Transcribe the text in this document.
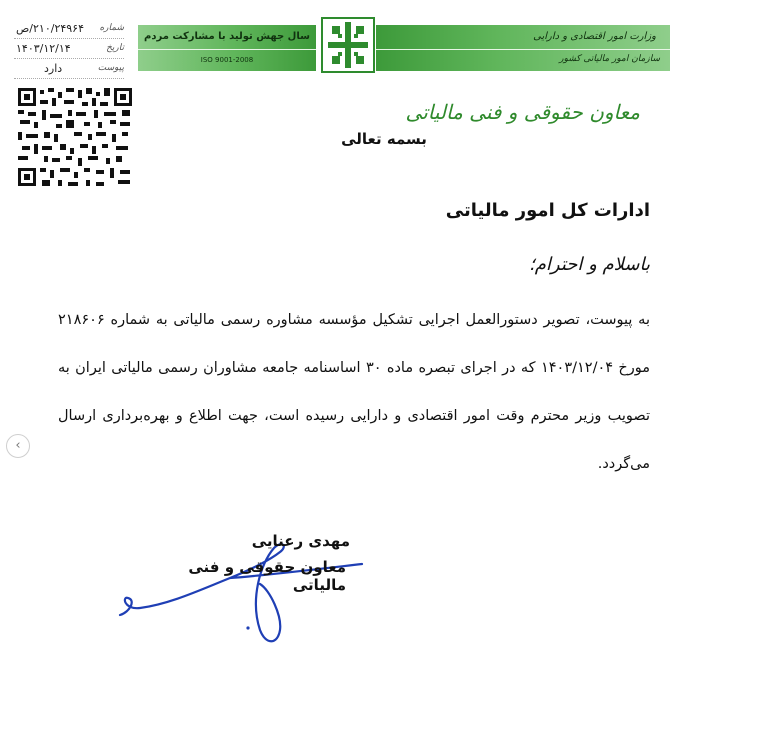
شماره
۲۱۰/۲۴۹۶۴/ص
تاریخ
۱۴۰۳/۱۲/۱۴
پیوست
دارد
سال جهش تولید با مشارکت مردم
ISO 9001-2008
وزارت امور اقتصادی و دارایی
سازمان امور مالیاتی کشور
معاون حقوقی و فنی مالیاتی
بسمه تعالی
ادارات کل امور مالیاتی
باسلام و احترام؛

به پیوست، تصویر دستورالعمل اجرایی تشکیل مؤسسه مشاوره رسمی مالیاتی به شماره ۲۱۸۶۰۶ مورخ ۱۴۰۳/۱۲/۰۴ که در اجرای تبصره ماده ۳۰ اساسنامه جامعه مشاوران رسمی مالیاتی ایران به تصویب وزیر محترم وقت امور اقتصادی و دارایی رسیده است، جهت اطلاع و بهره‌برداری ارسال می‌گردد.

‹
مهدی رعنایی
معاون حقوقی و فنی مالیاتی
